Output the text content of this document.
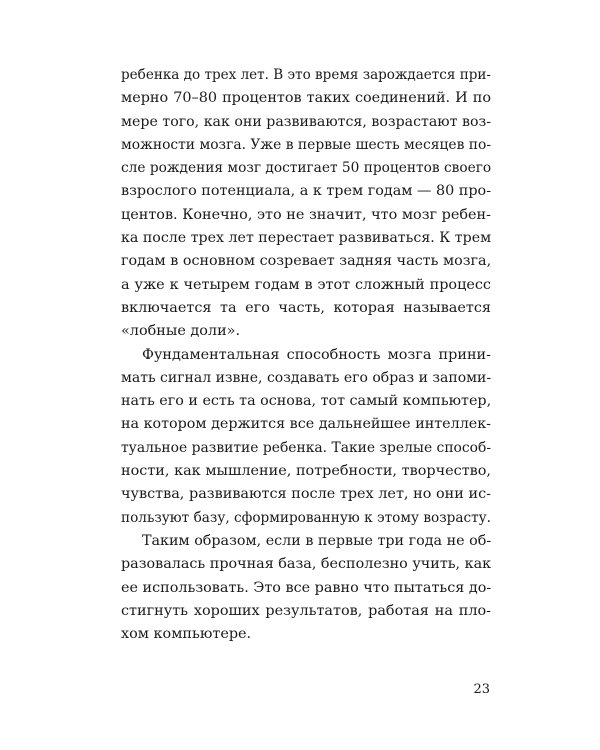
ребенка до трех лет. В это время зарождается при-
мерно 70–80 процентов таких соединений. И по
мере того, как они развиваются, возрастают воз-
можности мозга. Уже в первые шесть месяцев по-
сле рождения мозг достигает 50 процентов своего
взрослого потенциала, а к трем годам — 80 про-
центов. Конечно, это не значит, что мозг ребен-
ка после трех лет перестает развиваться. К трем
годам в основном созревает задняя часть мозга,
а уже к четырем годам в этот сложный процесс
включается та его часть, которая называется
«лобные доли».
Фундаментальная способность мозга прини-
мать сигнал извне, создавать его образ и запоми-
нать его и есть та основа, тот самый компьютер,
на котором держится все дальнейшее интеллек-
туальное развитие ребенка. Такие зрелые способ-
ности, как мышление, потребности, творчество,
чувства, развиваются после трех лет, но они ис-
пользуют базу, сформированную к этому возрасту.
Таким образом, если в первые три года не об-
разовалась прочная база, бесполезно учить, как
ее использовать. Это все равно что пытаться до-
стигнуть хороших результатов, работая на пло-
хом компьютере.
23
